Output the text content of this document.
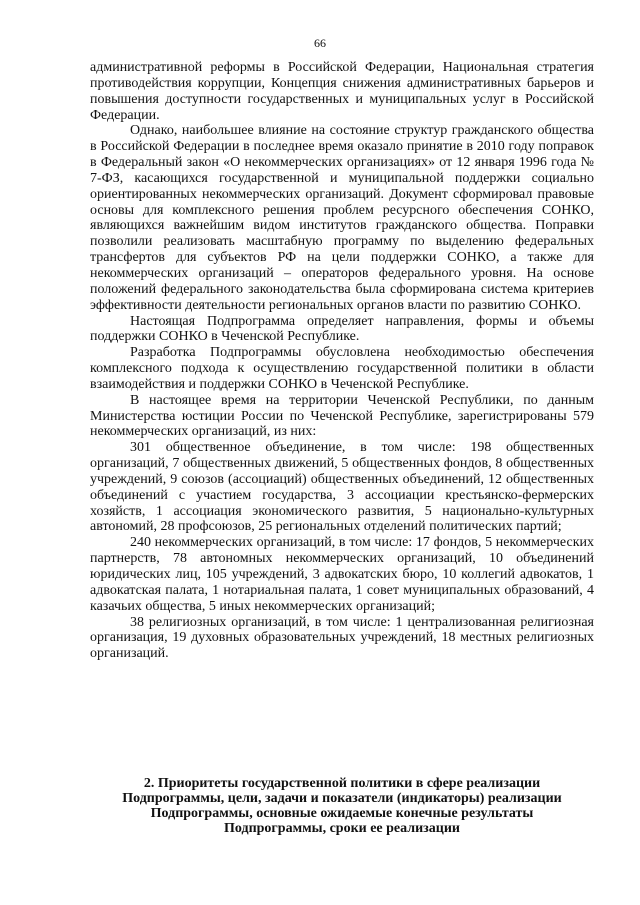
66

административной реформы в Российской Федерации, Национальная стратегия противодействия коррупции, Концепция снижения административных барьеров и повышения доступности государственных и муниципальных услуг в Российской Федерации.

Однако, наибольшее влияние на состояние структур гражданского общества в Российской Федерации в последнее время оказало принятие в 2010 году поправок в Федеральный закон «О некоммерческих организациях» от 12 января 1996 года № 7-ФЗ, касающихся государственной и муниципальной поддержки социально ориентированных некоммерческих организаций. Документ сформировал правовые основы для комплексного решения проблем ресурсного обеспечения СОНКО, являющихся важнейшим видом институтов гражданского общества. Поправки позволили реализовать масштабную программу по выделению федеральных трансфертов для субъектов РФ на цели поддержки СОНКО, а также для некоммерческих организаций – операторов федерального уровня. На основе положений федерального законодательства была сформирована система критериев эффективности деятельности региональных органов власти по развитию СОНКО.

Настоящая Подпрограмма определяет направления, формы и объемы поддержки СОНКО в Чеченской Республике.

Разработка Подпрограммы обусловлена необходимостью обеспечения комплексного подхода к осуществлению государственной политики в области взаимодействия и поддержки СОНКО в Чеченской Республике.

В настоящее время на территории Чеченской Республики, по данным Министерства юстиции России по Чеченской Республике, зарегистрированы 579 некоммерческих организаций, из них:

301 общественное объединение, в том числе: 198 общественных организаций, 7 общественных движений, 5 общественных фондов, 8 общественных учреждений, 9 союзов (ассоциаций) общественных объединений, 12 общественных объединений с участием государства, 3 ассоциации крестьянско-фермерских хозяйств, 1 ассоциация экономического развития, 5 национально-культурных автономий, 28 профсоюзов, 25 региональных отделений политических партий;

240 некоммерческих организаций, в том числе: 17 фондов, 5 некоммерческих партнерств, 78 автономных некоммерческих организаций, 10 объединений юридических лиц, 105 учреждений, 3 адвокатских бюро, 10 коллегий адвокатов, 1 адвокатская палата, 1 нотариальная палата, 1 совет муниципальных образований, 4 казачьих общества, 5 иных некоммерческих организаций;

38 религиозных организаций, в том числе: 1 централизованная религиозная организация, 19 духовных образовательных учреждений, 18 местных религиозных организаций.

2. Приоритеты государственной политики в сфере реализации
Подпрограммы, цели, задачи и показатели (индикаторы) реализации
Подпрограммы, основные ожидаемые конечные результаты
Подпрограммы, сроки ее реализации
